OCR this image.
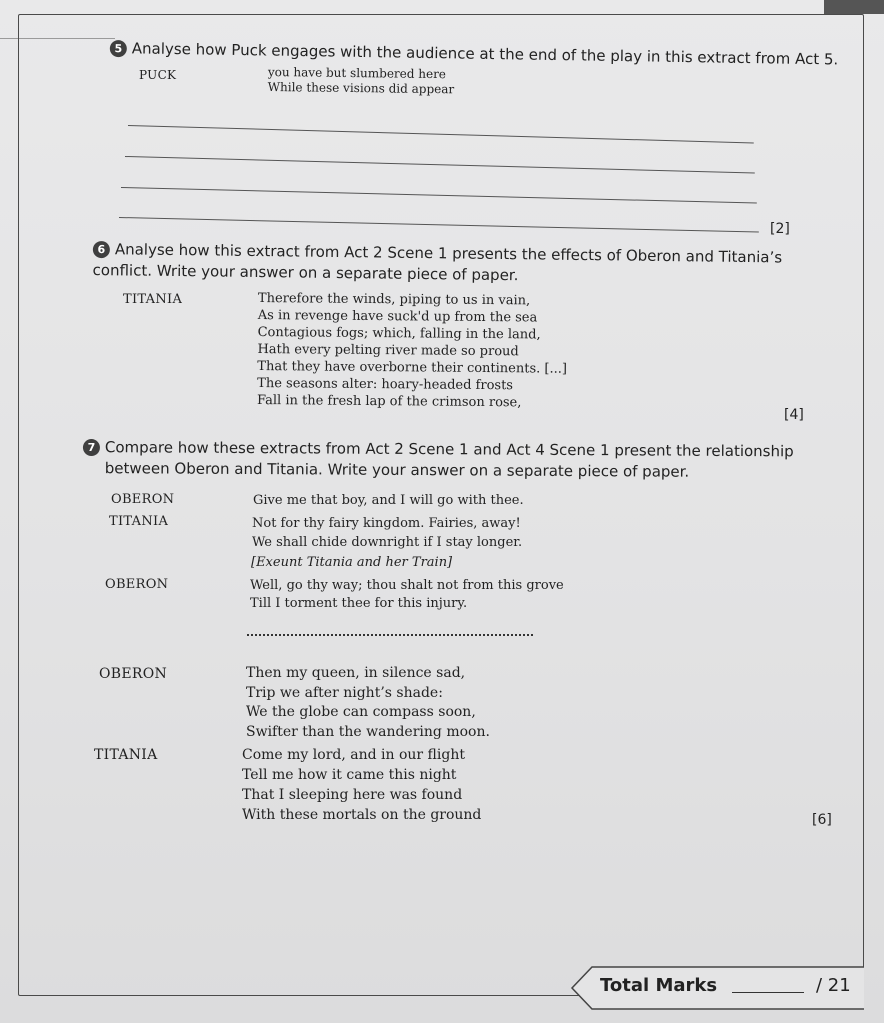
5 Analyse how Puck engages with the audience at the end of the play in this extract from Act 5.
PUCK	you have but slumbered here
While these visions did appear
[2]
6 Analyse how this extract from Act 2 Scene 1 presents the effects of Oberon and Titania’s
conflict. Write your answer on a separate piece of paper.
TITANIA	Therefore the winds, piping to us in vain,
As in revenge have suck'd up from the sea
Contagious fogs; which, falling in the land,
Hath every pelting river made so proud
That they have overborne their continents. [...]
The seasons alter: hoary-headed frosts
Fall in the fresh lap of the crimson rose,
[4]
7 Compare how these extracts from Act 2 Scene 1 and Act 4 Scene 1 present the relationship
between Oberon and Titania. Write your answer on a separate piece of paper.
OBERON	Give me that boy, and I will go with thee.
TITANIA	Not for thy fairy kingdom. Fairies, away!
We shall chide downright if I stay longer.
[Exeunt Titania and her Train]
OBERON	Well, go thy way; thou shalt not from this grove
Till I torment thee for this injury.
OBERON	Then my queen, in silence sad,
Trip we after night’s shade:
We the globe can compass soon,
Swifter than the wandering moon.
TITANIA	Come my lord, and in our flight
Tell me how it came this night
That I sleeping here was found
With these mortals on the ground	[6]
Total Marks	/ 21
